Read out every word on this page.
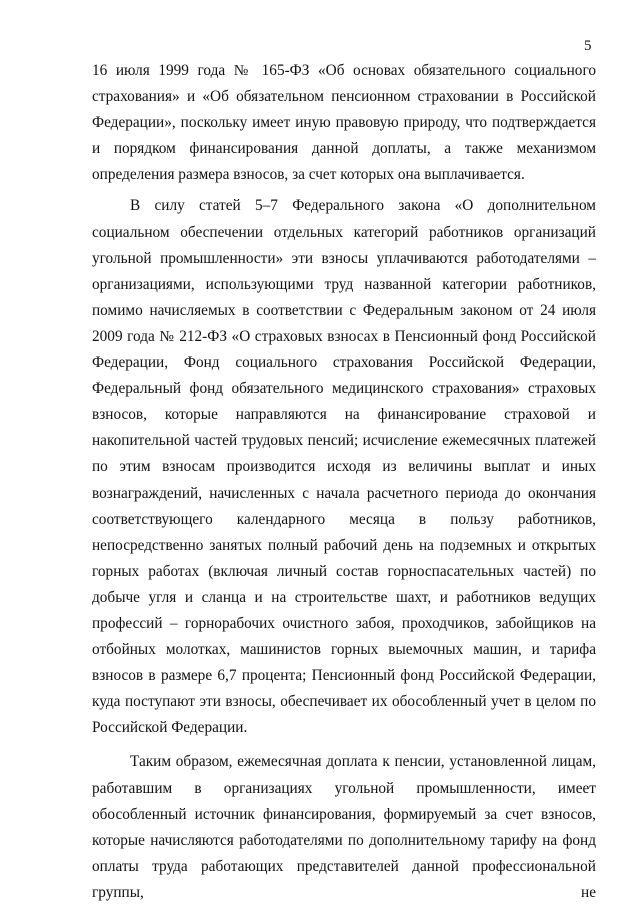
5

16 июля 1999 года № 165-ФЗ «Об основах обязательного социального страхования» и «Об обязательном пенсионном страховании в Российской Федерации», поскольку имеет иную правовую природу, что подтверждается и порядком финансирования данной доплаты, а также механизмом определения размера взносов, за счет которых она выплачивается.

В силу статей 5–7 Федерального закона «О дополнительном социальном обеспечении отдельных категорий работников организаций угольной промышленности» эти взносы уплачиваются работодателями – организациями, использующими труд названной категории работников, помимо начисляемых в соответствии с Федеральным законом от 24 июля 2009 года № 212-ФЗ «О страховых взносах в Пенсионный фонд Российской Федерации, Фонд социального страхования Российской Федерации, Федеральный фонд обязательного медицинского страхования» страховых взносов, которые направляются на финансирование страховой и накопительной частей трудовых пенсий; исчисление ежемесячных платежей по этим взносам производится исходя из величины выплат и иных вознаграждений, начисленных с начала расчетного периода до окончания соответствующего календарного месяца в пользу работников, непосредственно занятых полный рабочий день на подземных и открытых горных работах (включая личный состав горноспасательных частей) по добыче угля и сланца и на строительстве шахт, и работников ведущих профессий – горнорабочих очистного забоя, проходчиков, забойщиков на отбойных молотках, машинистов горных выемочных машин, и тарифа взносов в размере 6,7 процента; Пенсионный фонд Российской Федерации, куда поступают эти взносы, обеспечивает их обособленный учет в целом по Российской Федерации.

Таким образом, ежемесячная доплата к пенсии, установленной лицам, работавшим в организациях угольной промышленности, имеет обособленный источник финансирования, формируемый за счет взносов, которые начисляются работодателями по дополнительному тарифу на фонд оплаты труда работающих представителей данной профессиональной группы, не
